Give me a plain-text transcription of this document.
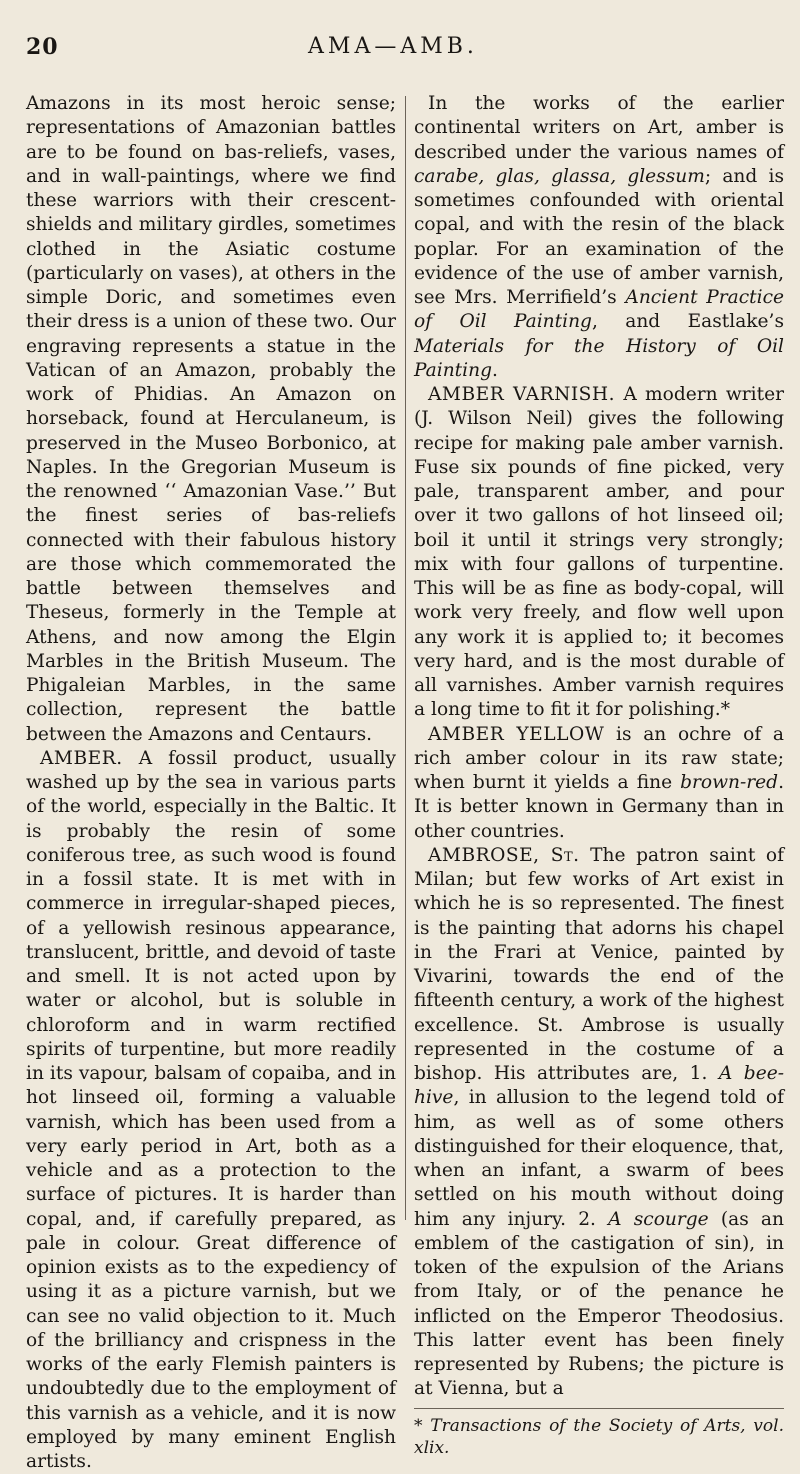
20	AMA—AMB.

Amazons in its most heroic sense; representations of Amazonian battles are to be found on bas-reliefs, vases, and in wall-paintings, where we find these warriors with their crescent-shields and military girdles, sometimes clothed in the Asiatic costume (particularly on vases), at others in the simple Doric, and sometimes even their dress is a union of these two. Our engraving represents a statue in the Vatican of an Amazon, probably the work of Phidias. An Amazon on horseback, found at Herculaneum, is preserved in the Museo Borbonico, at Naples. In the Gregorian Museum is the renowned ‘‘ Amazonian Vase.’’ But the finest series of bas-reliefs connected with their fabulous history are those which commemorated the battle between themselves and Theseus, formerly in the Temple at Athens, and now among the Elgin Marbles in the British Museum. The Phigaleian Marbles, in the same collection, represent the battle between the Amazons and Centaurs.

AMBER. A fossil product, usually washed up by the sea in various parts of the world, especially in the Baltic. It is probably the resin of some coniferous tree, as such wood is found in a fossil state. It is met with in commerce in irregular-shaped pieces, of a yellowish resinous appearance, translucent, brittle, and devoid of taste and smell. It is not acted upon by water or alcohol, but is soluble in chloroform and in warm rectified spirits of turpentine, but more readily in its vapour, balsam of copaiba, and in hot linseed oil, forming a valuable varnish, which has been used from a very early period in Art, both as a vehicle and as a protection to the surface of pictures. It is harder than copal, and, if carefully prepared, as pale in colour. Great difference of opinion exists as to the expediency of using it as a picture varnish, but we can see no valid objection to it. Much of the brilliancy and crispness in the works of the early Flemish painters is undoubtedly due to the employment of this varnish as a vehicle, and it is now employed by many eminent English artists.

In the works of the earlier continental writers on Art, amber is described under the various names of carabe, glas, glassa, glessum; and is sometimes confounded with oriental copal, and with the resin of the black poplar. For an examination of the evidence of the use of amber varnish, see Mrs. Merrifield’s Ancient Practice of Oil Painting, and Eastlake’s Materials for the History of Oil Painting.

AMBER VARNISH. A modern writer (J. Wilson Neil) gives the following recipe for making pale amber varnish. Fuse six pounds of fine picked, very pale, transparent amber, and pour over it two gallons of hot linseed oil; boil it until it strings very strongly; mix with four gallons of turpentine. This will be as fine as body-copal, will work very freely, and flow well upon any work it is applied to; it becomes very hard, and is the most durable of all varnishes. Amber varnish requires a long time to fit it for polishing.*

AMBER YELLOW is an ochre of a rich amber colour in its raw state; when burnt it yields a fine brown-red. It is better known in Germany than in other countries.

AMBROSE, St. The patron saint of Milan; but few works of Art exist in which he is so represented. The finest is the painting that adorns his chapel in the Frari at Venice, painted by Vivarini, towards the end of the fifteenth century, a work of the highest excellence. St. Ambrose is usually represented in the costume of a bishop. His attributes are, 1. A bee-hive, in allusion to the legend told of him, as well as of some others distinguished for their eloquence, that, when an infant, a swarm of bees settled on his mouth without doing him any injury. 2. A scourge (as an emblem of the castigation of sin), in token of the expulsion of the Arians from Italy, or of the penance he inflicted on the Emperor Theodosius. This latter event has been finely represented by Rubens; the picture is at Vienna, but a

* Transactions of the Society of Arts, vol. xlix.
